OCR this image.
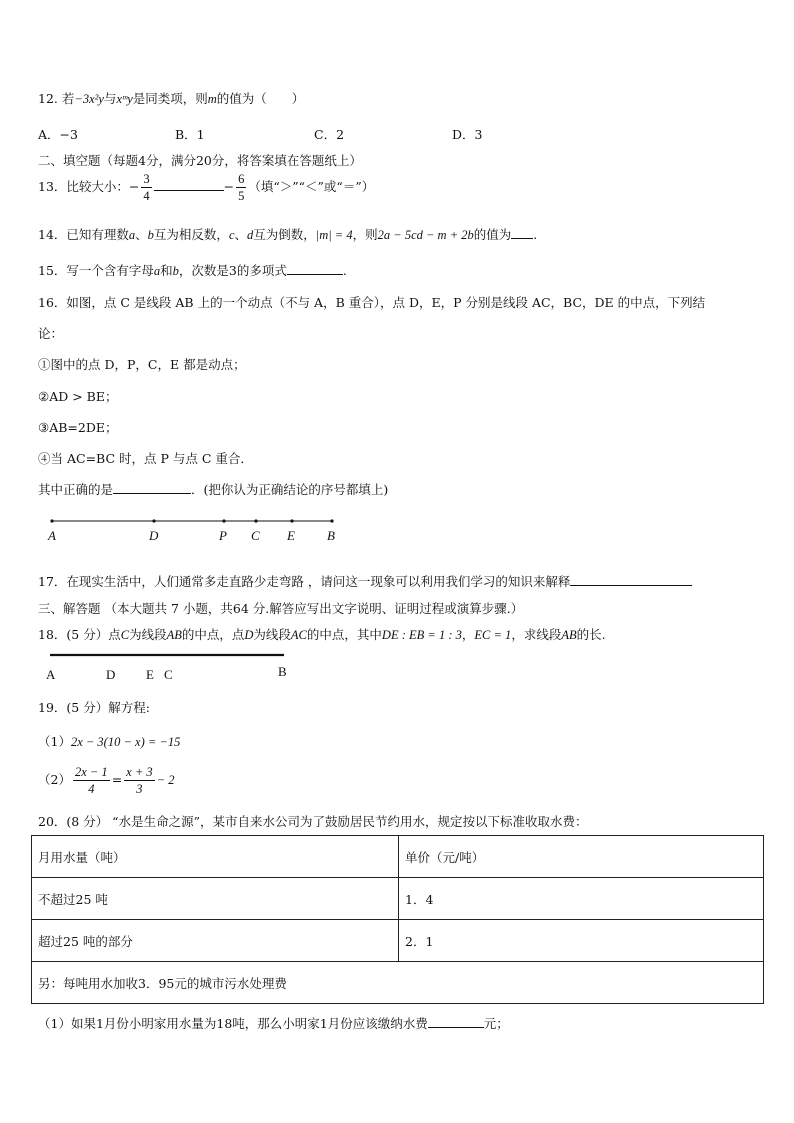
12. 若−3x²y与xᵐy是同类项，则m的值为（　　）
A．−3	B．1	C．2	D．3
二、填空题（每题4分，满分20分，将答案填在答题纸上）
13．比较大小：− $\frac{3}{4}$	− $\frac{6}{5}$ （填“＞”“＜”或“＝”）
14．已知有理数a、b互为相反数，c、d互为倒数，|m| = 4，则2a − 5cd − m + 2b的值为 .
15．写一个含有字母a和b，次数是3的多项式	.
16．如图，点 C 是线段 AB 上的一个动点（不与 A，B 重合），点 D，E，P 分别是线段 AC，BC，DE 的中点，下列结
论：
①图中的点 D，P，C，E 都是动点；
②AD > BE；
③AB=2DE；
④当 AC=BC 时，点 P 与点 C 重合．
其中正确的是	．(把你认为正确结论的序号都填上)
A	D	P C E B
17．在现实生活中，人们通常多走直路少走弯路 ，请问这一现象可以利用我们学习的知识来解释
三、解答题 （本大题共 7 小题，共64 分.解答应写出文字说明、证明过程或演算步骤.）
18．(5 分）点C为线段AB的中点，点D为线段AC的中点，其中DE : EB = 1 : 3，EC = 1，求线段AB的长.
A	D E C	B
19．(5 分）解方程:
（1）2x − 3(10 − x) = −15
$(2) \frac{2x - 1}{4} = \frac{x + 3}{3} - 2$
20．(8 分） “水是生命之源”，某市自来水公司为了鼓励居民节约用水，规定按以下标准收取水费：
月用水量（吨）	单价（元/吨）
不超过25 吨	1．4
超过25 吨的部分	2．1
另：每吨用水加收3．95元的城市污水处理费	
（1）如果1月份小明家用水量为18吨，那么小明家1月份应该缴纳水费	元；
